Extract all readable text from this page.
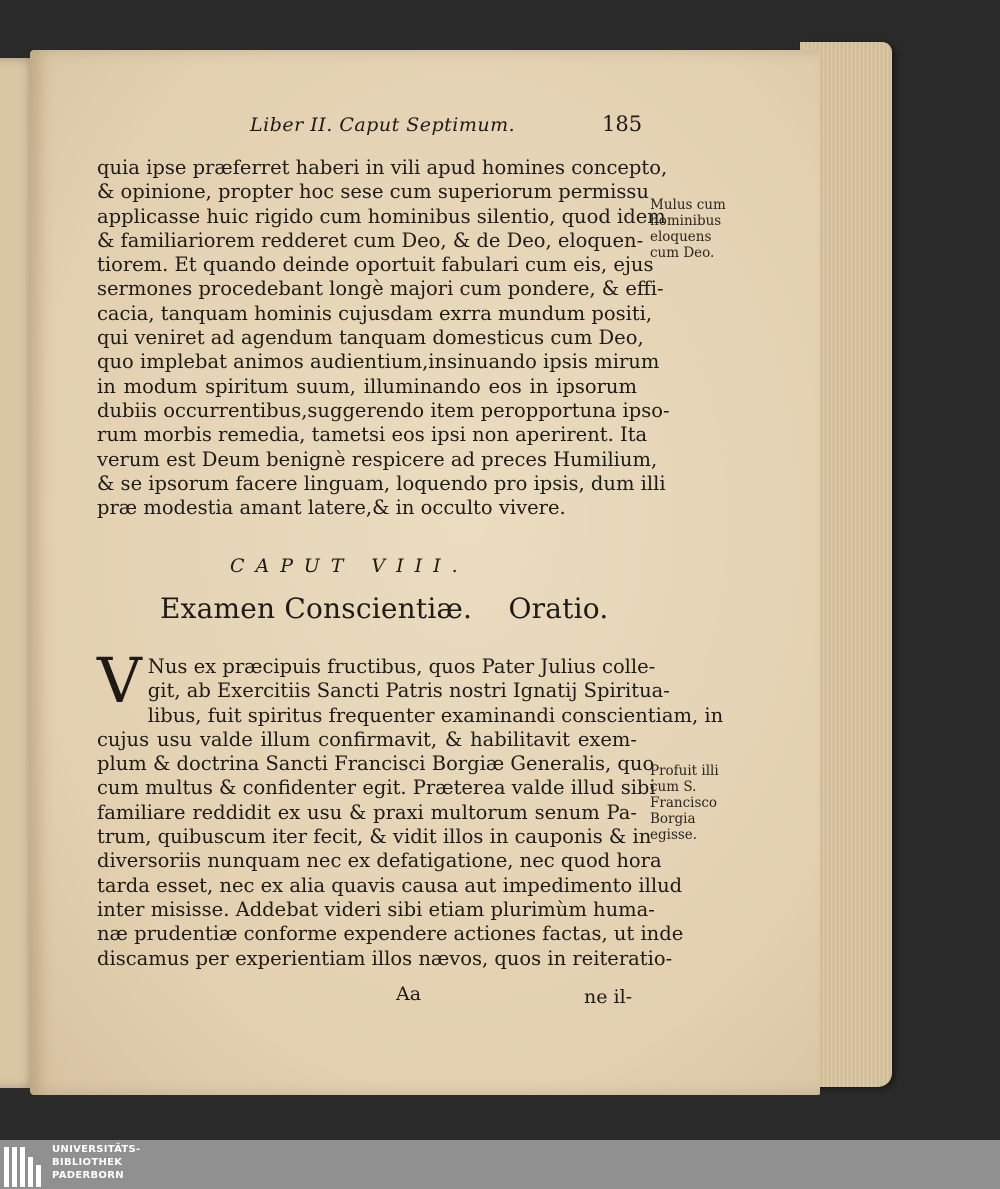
Liber II. Caput Septimum.	185
quia ipse præferret haberi in vili apud homines concepto,
& opinione, propter hoc sese cum superiorum permissu
applicasse huic rigido cum hominibus silentio, quod idem
& familiariorem redderet cum Deo, & de Deo, eloquen-
tiorem. Et quando deinde oportuit fabulari cum eis, ejus
sermones procedebant longè majori cum pondere, & effi-
cacia, tanquam hominis cujusdam exrra mundum positi,
qui veniret ad agendum tanquam domesticus cum Deo,
quo implebat animos audientium,insinuando ipsis mirum
in modum spiritum suum, illuminando eos in ipsorum
dubiis occurrentibus,suggerendo item peropportuna ipso-
rum morbis remedia, tametsi eos ipsi non aperirent. Ita
verum est Deum benignè respicere ad preces Humilium,
& se ipsorum facere linguam, loquendo pro ipsis, dum illi
præ modestia amant latere,& in occulto vivere.
Mulus cum
hominibus
eloquens
cum Deo.
CAPUT VIII.
Examen Conscientiæ.    Oratio.
V Nus ex præcipuis fructibus, quos Pater Julius colle-
git, ab Exercitiis Sancti Patris nostri Ignatij Spiritua-
libus, fuit spiritus frequenter examinandi conscientiam, in
cujus usu valde illum confirmavit, & habilitavit exem-
plum & doctrina Sancti Francisci Borgiæ Generalis, quo
cum multus & confidenter egit. Præterea valde illud sibi
familiare reddidit ex usu & praxi multorum senum Pa-
trum, quibuscum iter fecit, & vidit illos in cauponis & in
diversoriis nunquam nec ex defatigatione, nec quod hora
tarda esset, nec ex alia quavis causa aut impedimento illud
inter misisse. Addebat videri sibi etiam plurimùm huma-
næ prudentiæ conforme expendere actiones factas, ut inde
discamus per experientiam illos nævos, quos in reiteratio-
Profuit illi
cum S.
Francisco
Borgia
egisse.
Aa	ne il-
UNIVERSITÄTS-
BIBLIOTHEK
PADERBORN
